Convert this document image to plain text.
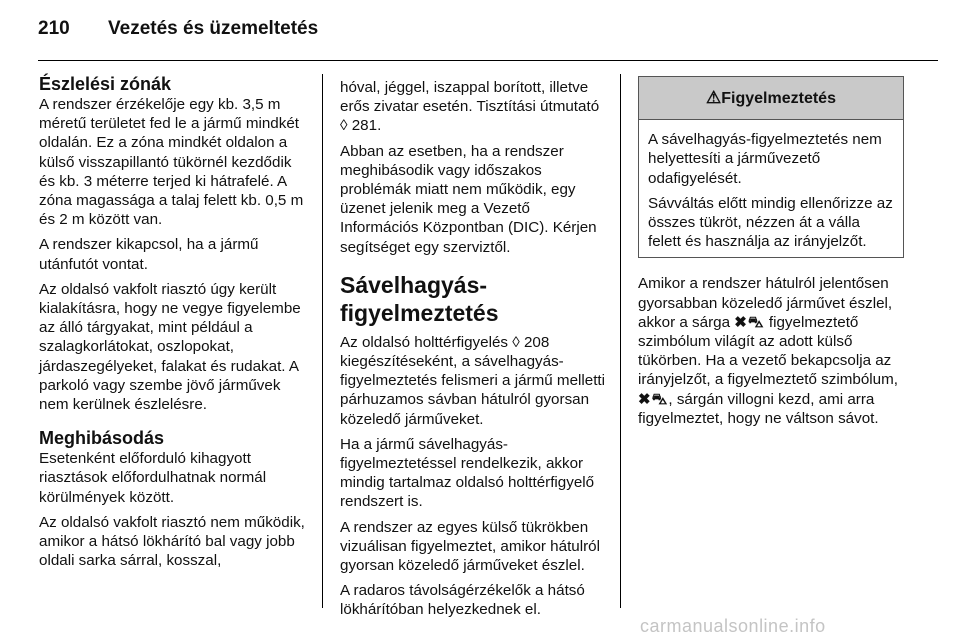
210 Vezetés és üzemeltetés
Észlelési zónák

A rendszer érzékelője egy kb. 3,5 m méretű területet fed le a jármű mindkét oldalán. Ez a zóna mindkét oldalon a külső visszapillantó tükörnél kezdődik és kb. 3 méterre terjed ki hátrafelé. A zóna magassága a talaj felett kb. 0,5 m és 2 m között van.

A rendszer kikapcsol, ha a jármű utánfutót vontat.

Az oldalsó vakfolt riasztó úgy került kialakításra, hogy ne vegye figyelembe az álló tárgyakat, mint például a szalagkorlátokat, oszlopokat, járdaszegélyeket, falakat és rudakat. A parkoló vagy szembe jövő járművek nem kerülnek észlelésre.

Meghibásodás

Esetenként előforduló kihagyott riasztások előfordulhatnak normál körülmények között.

Az oldalsó vakfolt riasztó nem működik, amikor a hátsó lökhárító bal vagy jobb oldali sarka sárral, kosszal,

hóval, jéggel, iszappal borított, illetve erős zivatar esetén. Tisztítási útmutató ◊ 281.

Abban az esetben, ha a rendszer meghibásodik vagy időszakos problémák miatt nem működik, egy üzenet jelenik meg a Vezető Információs Központban (DIC). Kérjen segítséget egy szerviztől.

Sávelhagyás-figyelmeztetés

Az oldalsó holttérfigyelés ◊ 208 kiegészítéseként, a sávelhagyás-figyelmeztetés felismeri a jármű melletti párhuzamos sávban hátulról gyorsan közeledő járműveket.

Ha a jármű sávelhagyás-figyelmeztetéssel rendelkezik, akkor mindig tartalmaz oldalsó holttérfigyelő rendszert is.

A rendszer az egyes külső tükrökben vizuálisan figyelmeztet, amikor hátulról gyorsan közeledő járműveket észlel.

A radaros távolságérzékelők a hátsó lökhárítóban helyezkednek el.

⚠Figyelmeztetés

A sávelhagyás-figyelmeztetés nem helyettesíti a járművezető odafigyelését.

Sávváltás előtt mindig ellenőrizze az összes tükröt, nézzen át a válla felett és használja az irányjelzőt.

Amikor a rendszer hátulról jelentősen gyorsabban közeledő járművet észlel, akkor a sárga ✖⛍ figyelmeztető szimbólum világít az adott külső tükörben. Ha a vezető bekapcsolja az irányjelzőt, a figyelmeztető szimbólum, ✖⛍, sárgán villogni kezd, ami arra figyelmeztet, hogy ne váltson sávot.

carmanualsonline.info
